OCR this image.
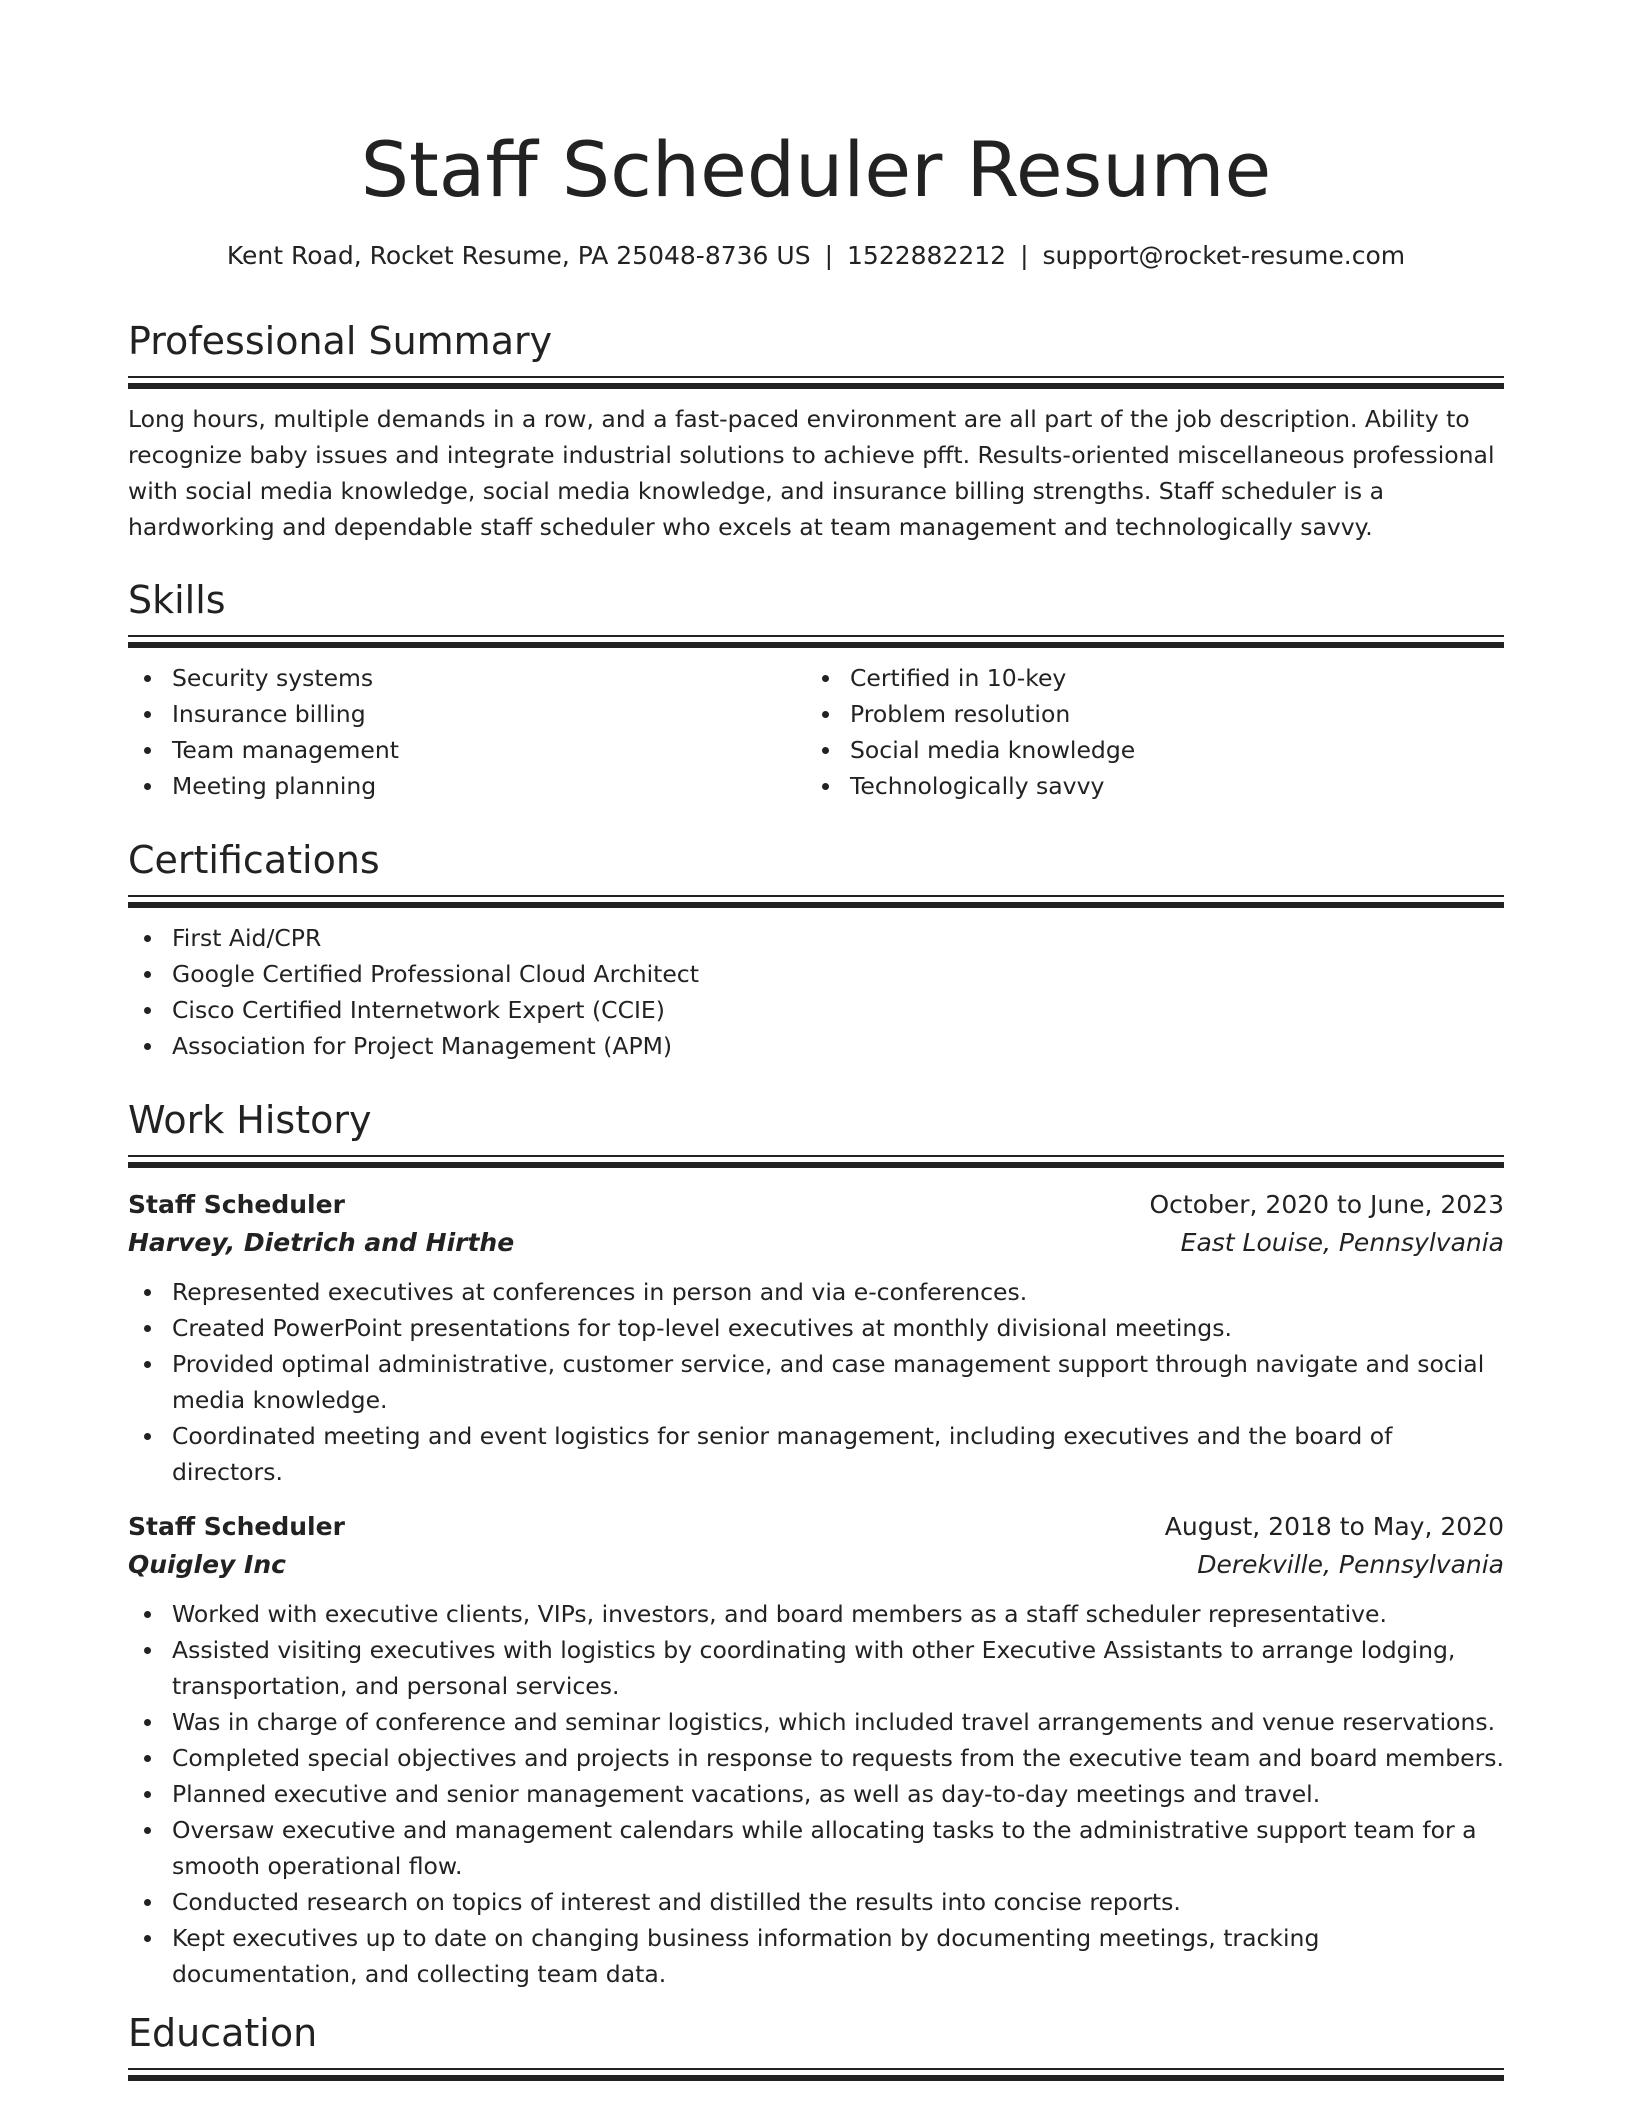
Staff Scheduler Resume
Kent Road, Rocket Resume, PA 25048-8736 US | 1522882212 | support@rocket-resume.com
Professional Summary

Long hours, multiple demands in a row, and a fast-paced environment are all part of the job description. Ability to recognize baby issues and integrate industrial solutions to achieve pfft. Results-oriented miscellaneous professional with social media knowledge, social media knowledge, and insurance billing strengths. Staff scheduler is a hardworking and dependable staff scheduler who excels at team management and technologically savvy.

Skills
Security systems
Insurance billing
Team management
Meeting planning
Certified in 10-key
Problem resolution
Social media knowledge
Technologically savvy
Certifications
First Aid/CPR
Google Certified Professional Cloud Architect
Cisco Certified Internetwork Expert (CCIE)
Association for Project Management (APM)
Work History
Staff Scheduler	October, 2020 to June, 2023
Harvey, Dietrich and Hirthe	East Louise, Pennsylvania
Represented executives at conferences in person and via e-conferences.
Created PowerPoint presentations for top-level executives at monthly divisional meetings.
Provided optimal administrative, customer service, and case management support through navigate and social media knowledge.
Coordinated meeting and event logistics for senior management, including executives and the board of directors.
Staff Scheduler	August, 2018 to May, 2020
Quigley Inc	Derekville, Pennsylvania
Worked with executive clients, VIPs, investors, and board members as a staff scheduler representative.
Assisted visiting executives with logistics by coordinating with other Executive Assistants to arrange lodging, transportation, and personal services.
Was in charge of conference and seminar logistics, which included travel arrangements and venue reservations.
Completed special objectives and projects in response to requests from the executive team and board members.
Planned executive and senior management vacations, as well as day-to-day meetings and travel.
Oversaw executive and management calendars while allocating tasks to the administrative support team for a smooth operational flow.
Conducted research on topics of interest and distilled the results into concise reports.
Kept executives up to date on changing business information by documenting meetings, tracking documentation, and collecting team data.
Education
